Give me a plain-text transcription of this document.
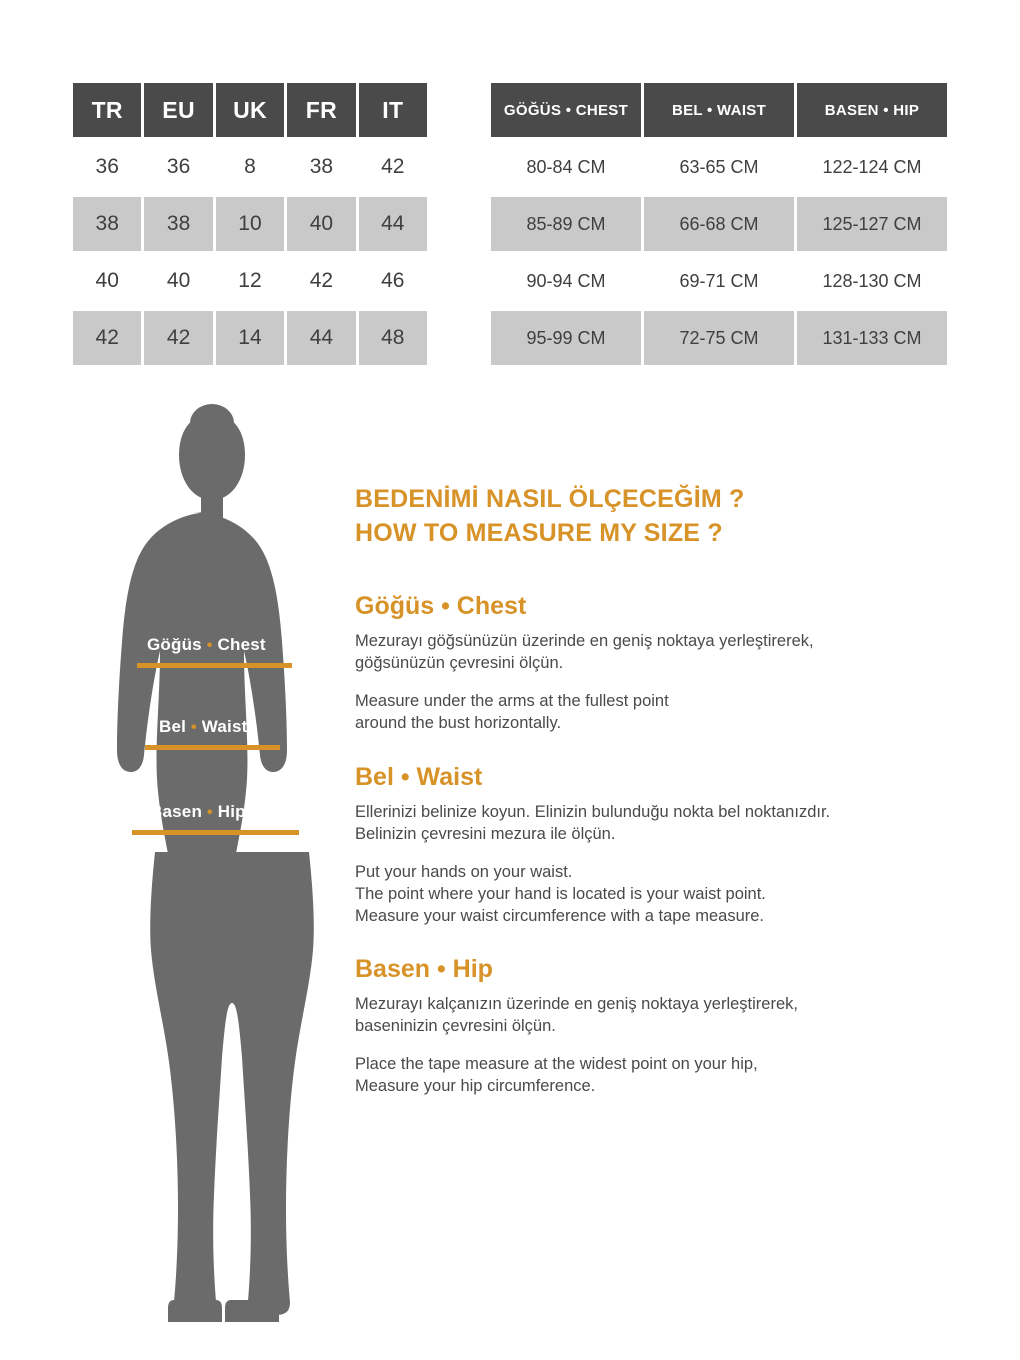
TR	EU	UK	FR	IT
36	36	8	38	42
38	38	10	40	44
40	40	12	42	46
42	42	14	44	48
GÖĞÜS • CHEST	BEL • WAIST	BASEN • HIP
80-84 CM	63-65 CM	122-124 CM
85-89 CM	66-68 CM	125-127 CM
90-94 CM	69-71 CM	128-130 CM
95-99 CM	72-75 CM	131-133 CM
Göğüs • Chest
Bel • Waist
Basen • Hip
BEDENİMİ NASIL ÖLÇECEĞİM ?
HOW TO MEASURE MY SIZE ?
Göğüs • Chest

Mezurayı göğsünüzün üzerinde en geniş noktaya yerleştirerek,
göğsünüzün çevresini ölçün.

Measure under the arms at the fullest point
around the bust horizontally.

Bel • Waist

Ellerinizi belinize koyun. Elinizin bulunduğu nokta bel noktanızdır.
Belinizin çevresini mezura ile ölçün.

Put your hands on your waist.
The point where your hand is located is your waist point.
Measure your waist circumference with a tape measure.

Basen • Hip

Mezurayı kalçanızın üzerinde en geniş noktaya yerleştirerek,
baseninizin çevresini ölçün.

Place the tape measure at the widest point on your hip,
Measure your hip circumference.
